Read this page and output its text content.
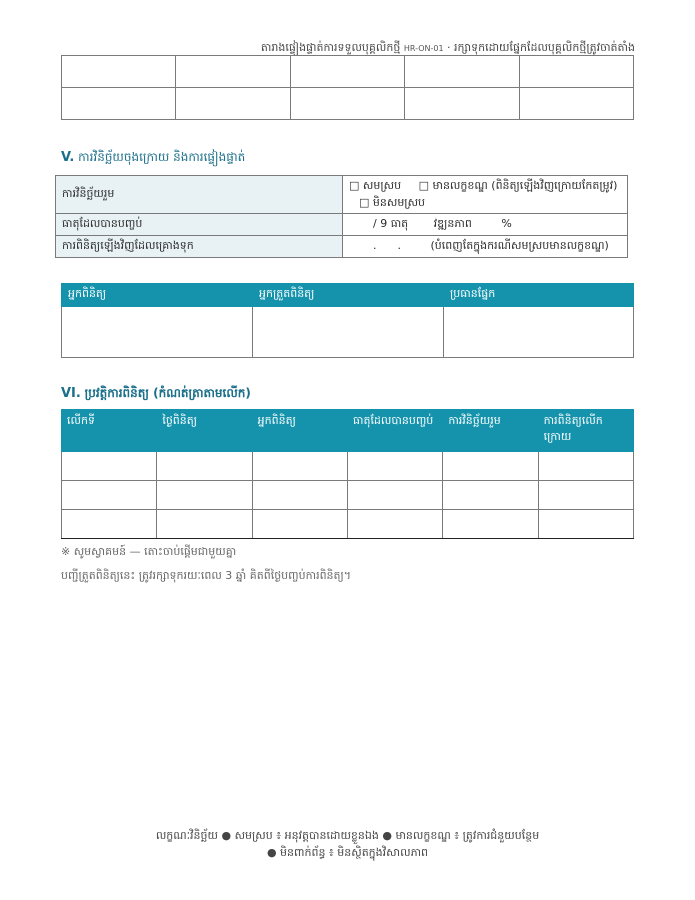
តារាងផ្ទៀងផ្ទាត់ការទទួលបុគ្គលិកថ្មី HR-ON-01 · រក្សាទុកដោយផ្នែកដែលបុគ្គលិកថ្មីត្រូវចាត់តាំង

V. ការវិនិច្ឆ័យចុងក្រោយ និងការផ្ទៀងផ្ទាត់
ការវិនិច្ឆ័យរួម	□ សមស្រប □ មានលក្ខខណ្ឌ (ពិនិត្យឡើងវិញក្រោយកែតម្រូវ) □ មិនសមស្រប
ធាតុដែលបានបញ្ចប់	/ 9 ធាតុ វឌ្ឍនភាព %
ការពិនិត្យឡើងវិញដែលគ្រោងទុក	.      . (បំពេញតែក្នុងករណីសមស្របមានលក្ខខណ្ឌ)
អ្នកពិនិត្យ	អ្នកត្រួតពិនិត្យ	ប្រធានផ្នែក

VI. ប្រវត្តិការពិនិត្យ (កំណត់ត្រាតាមលើក)
លើកទី	ថ្ងៃពិនិត្យ	អ្នកពិនិត្យ	ធាតុដែលបានបញ្ចប់	ការវិនិច្ឆ័យរួម	ការពិនិត្យលើកក្រោយ

※ សូមស្វាគមន៍ — តោះចាប់ផ្តើមជាមួយគ្នា
បញ្ជីត្រួតពិនិត្យនេះ ត្រូវរក្សាទុករយៈពេល 3 ឆ្នាំ គិតពីថ្ងៃបញ្ចប់ការពិនិត្យ។
លក្ខណៈវិនិច្ឆ័យ ● សមស្រប ៖ អនុវត្តបានដោយខ្លួនឯង ● មានលក្ខខណ្ឌ ៖ ត្រូវការជំនួយបន្ថែម
● មិនពាក់ព័ន្ធ ៖ មិនស្ថិតក្នុងវិសាលភាព
